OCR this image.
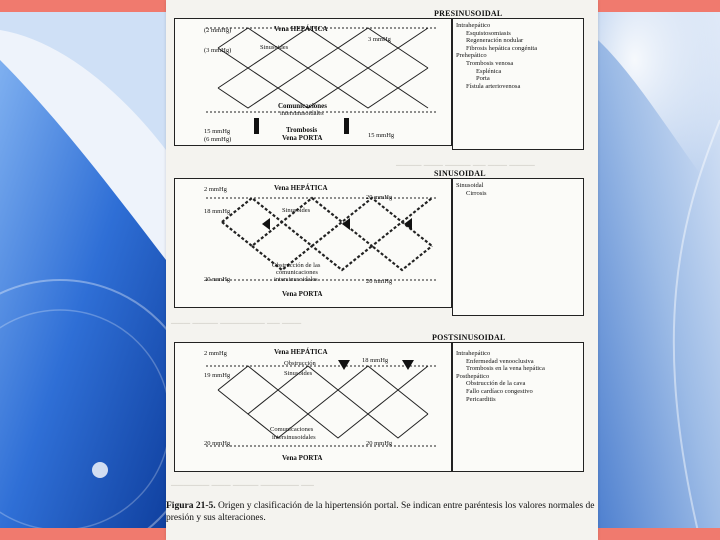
──── ─── ──── ── ─── ────
─── ──── ─────── ── ───
────── ─── ──── ────── ──
PRESINUSOIDAL
SINUSOIDAL
POSTSINUSOIDAL
(2 mmHg)
(3 mmHg)
Vena HEPÁTICA
3 mmHg
Sinusoides
Comunicaciones
intersinusoidales
Trombosis
Vena PORTA
15 mmHg
(6 mmHg)
15 mmHg
Intrahepático
Esquistosomiasis
Regeneración nodular
Fibrosis hepática congénita
Prehepático
Trombosis venosa
Esplénica
Porta
Fístula arteriovenosa
2 mmHg	Vena HEPÁTICA
20 mmHg
18 mmHg	Sinusoides
Obstrucción de las
comunicaciones
intersinusoidales
20 mmHg	20 mmHg
Vena PORTA
Sinusoidal
Cirrosis
2 mmHg	Vena HEPÁTICA
18 mmHg
Obstrucción
19 mmHg	Sinusoides
Comunicaciones
intersinusoidales
20 mmHg	20 mmHg
Vena PORTA
Intrahepático
Enfermedad venooclusiva
Trombosis en la vena hepática
Posthepático
Obstrucción de la cava
Fallo cardíaco congestivo
Pericarditis
Figura 21-5. Origen y clasificación de la hipertensión portal. Se indican entre paréntesis los valores normales de presión y sus alteraciones.
